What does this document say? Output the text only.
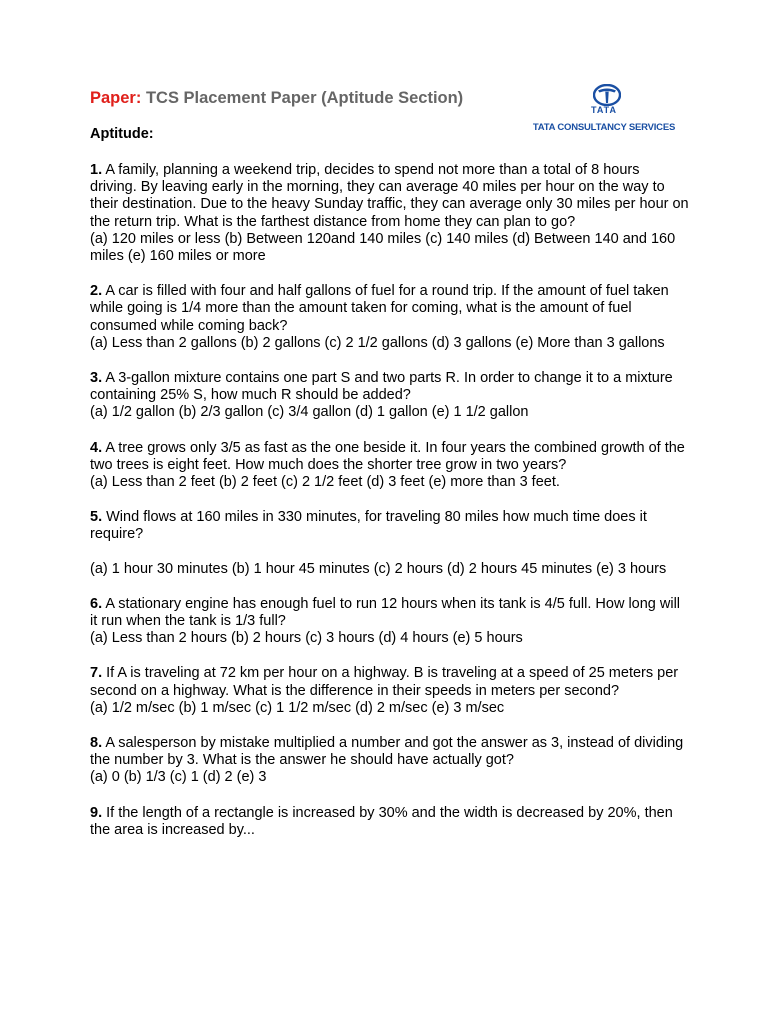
Paper: TCS Placement Paper (Aptitude Section)
TATA
TATA CONSULTANCY SERVICES
Aptitude:
1. A family, planning a weekend trip, decides to spend not more than a total of 8 hours driving. By leaving early in the morning, they can average 40 miles per hour on the way to their destination. Due to the heavy Sunday traffic, they can average only 30 miles per hour on the return trip. What is the farthest distance from home they can plan to go?
(a) 120 miles or less (b) Between 120and 140 miles (c) 140 miles (d) Between 140 and 160 miles (e) 160 miles or more
2. A car is filled with four and half gallons of fuel for a round trip. If the amount of fuel taken while going is 1/4 more than the amount taken for coming, what is the amount of fuel consumed while coming back?
(a) Less than 2 gallons (b) 2 gallons (c) 2 1/2 gallons (d) 3 gallons (e) More than 3 gallons
3. A 3-gallon mixture contains one part S and two parts R. In order to change it to a mixture containing 25% S, how much R should be added?
(a) 1/2 gallon (b) 2/3 gallon (c) 3/4 gallon (d) 1 gallon (e) 1 1/2 gallon
4. A tree grows only 3/5 as fast as the one beside it. In four years the combined growth of the two trees is eight feet. How much does the shorter tree grow in two years?
(a) Less than 2 feet (b) 2 feet (c) 2 1/2 feet (d) 3 feet (e) more than 3 feet.
5. Wind flows at 160 miles in 330 minutes, for traveling 80 miles how much time does it require?
(a) 1 hour 30 minutes (b) 1 hour 45 minutes (c) 2 hours (d) 2 hours 45 minutes (e) 3 hours
6. A stationary engine has enough fuel to run 12 hours when its tank is 4/5 full. How long will it run when the tank is 1/3 full?
(a) Less than 2 hours (b) 2 hours (c) 3 hours (d) 4 hours (e) 5 hours
7. If A is traveling at 72 km per hour on a highway. B is traveling at a speed of 25 meters per second on a highway. What is the difference in their speeds in meters per second?
(a) 1/2 m/sec (b) 1 m/sec (c) 1 1/2 m/sec (d) 2 m/sec (e) 3 m/sec
8. A salesperson by mistake multiplied a number and got the answer as 3, instead of dividing the number by 3. What is the answer he should have actually got?
(a) 0 (b) 1/3 (c) 1 (d) 2 (e) 3
9. If the length of a rectangle is increased by 30% and the width is decreased by 20%, then the area is increased by...
